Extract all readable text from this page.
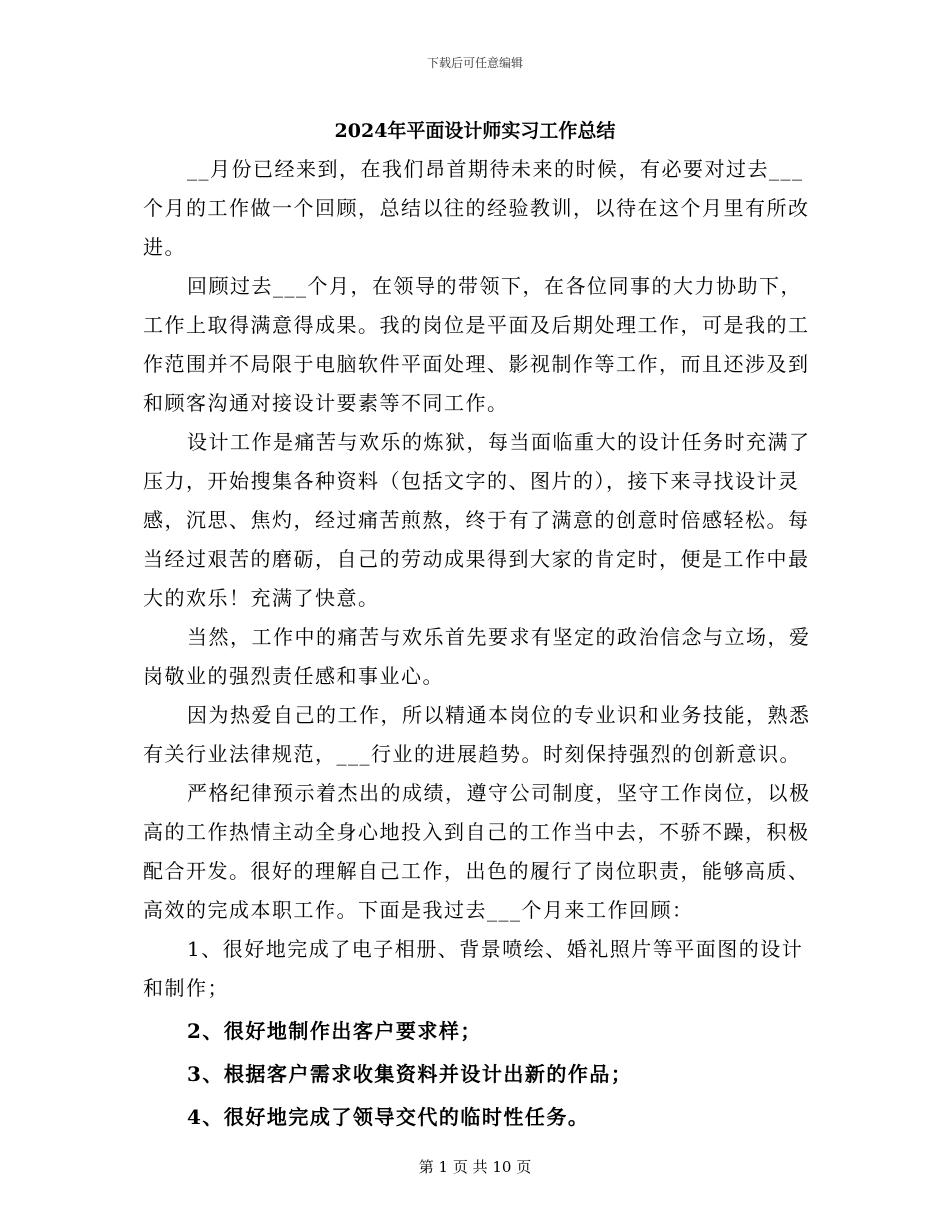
下载后可任意编辑
2024年平面设计师实习工作总结

__月份已经来到，在我们昂首期待未来的时候，有必要对过去___个月的工作做一个回顾，总结以往的经验教训，以待在这个月里有所改进。

回顾过去___个月，在领导的带领下，在各位同事的大力协助下，工作上取得满意得成果。我的岗位是平面及后期处理工作，可是我的工作范围并不局限于电脑软件平面处理、影视制作等工作，而且还涉及到和顾客沟通对接设计要素等不同工作。

设计工作是痛苦与欢乐的炼狱，每当面临重大的设计任务时充满了压力，开始搜集各种资料（包括文字的、图片的），接下来寻找设计灵感，沉思、焦灼，经过痛苦煎熬，终于有了满意的创意时倍感轻松。每当经过艰苦的磨砺，自己的劳动成果得到大家的肯定时，便是工作中最大的欢乐！充满了快意。

当然，工作中的痛苦与欢乐首先要求有坚定的政治信念与立场，爱岗敬业的强烈责任感和事业心。

因为热爱自己的工作，所以精通本岗位的专业识和业务技能，熟悉有关行业法律规范，___行业的进展趋势。时刻保持强烈的创新意识。

严格纪律预示着杰出的成绩，遵守公司制度，坚守工作岗位，以极高的工作热情主动全身心地投入到自己的工作当中去，不骄不躁，积极配合开发。很好的理解自己工作，出色的履行了岗位职责，能够高质、高效的完成本职工作。下面是我过去___个月来工作回顾：

1、很好地完成了电子相册、背景喷绘、婚礼照片等平面图的设计和制作；

2、很好地制作出客户要求样；

3、根据客户需求收集资料并设计出新的作品；

4、很好地完成了领导交代的临时性任务。

第 1 页 共 10 页
